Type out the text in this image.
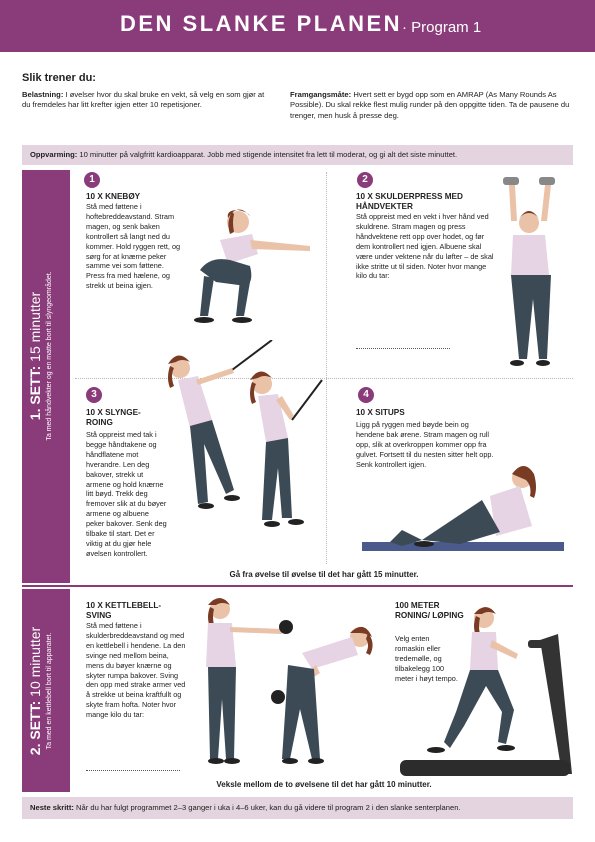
DEN SLANKE PLANEN · Program 1
Slik trener du:
Belastning: I øvelser hvor du skal bruke en vekt, så velg en som gjør at du fremdeles har litt krefter igjen etter 10 repetisjoner.
Framgangsmåte: Hvert sett er bygd opp som en AMRAP (As Many Rounds As Possible). Du skal rekke flest mulig runder på den oppgitte tiden. Ta de pausene du trenger, men husk å presse deg.
Oppvarming: 10 minutter på valgfritt kardioapparat. Jobb med stigende intensitet fra lett til moderat, og gi alt det siste minuttet.
1. SETT: 15 minutter Ta med håndvekter og en matte bort til slyngeområdet.
1
10 X KNEBØY
Stå med føttene i hoftebreddeavstand. Stram magen, og senk baken kontrollert så langt ned du kommer. Hold ryggen rett, og sørg for at knærne peker samme vei som føttene. Press fra med hælene, og strekk ut beina igjen.
2
10 X SKULDERPRESS MED HÅNDVEKTER
Stå oppreist med en vekt i hver hånd ved skuldrene. Stram magen og press håndvektene rett opp over hodet, og før dem kontrollert ned igjen. Albuene skal være under vektene når du løfter – de skal ikke stritte ut til siden. Noter hvor mange kilo du tar:
3
10 X SLYNGE-ROING
Stå oppreist med tak i begge håndtakene og håndflatene mot hverandre. Len deg bakover, strekk ut armene og hold knærne litt bøyd. Trekk deg fremover slik at du bøyer armene og albuene peker bakover. Senk deg tilbake til start. Det er viktig at du gjør hele øvelsen kontrollert.
4
10 X SITUPS
Ligg på ryggen med bøyde bein og hendene bak ørene. Stram magen og rull opp, slik at overkroppen kommer opp fra gulvet. Fortsett til du nesten sitter helt opp. Senk kontrollert igjen.
Gå fra øvelse til øvelse til det har gått 15 minutter.
2. SETT: 10 minutter Ta med en kettlebell bort til apparatet.
10 X KETTLEBELL-SVING
Stå med føttene i skulderbreddeavstand og med en kettlebell i hendene. La den svinge ned mellom beina, mens du bøyer knærne og skyter rumpa bakover. Sving den opp med strake armer ved å strekke ut beina kraftfullt og skyte fram hofta. Noter hvor mange kilo du tar:
100 METER RONING/ LØPING
Velg enten romaskin eller tredemølle, og tilbakelegg 100 meter i høyt tempo.
Veksle mellom de to øvelsene til det har gått 10 minutter.
Neste skritt: Når du har fulgt programmet 2–3 ganger i uka i 4–6 uker, kan du gå videre til program 2 i den slanke senterplanen.
